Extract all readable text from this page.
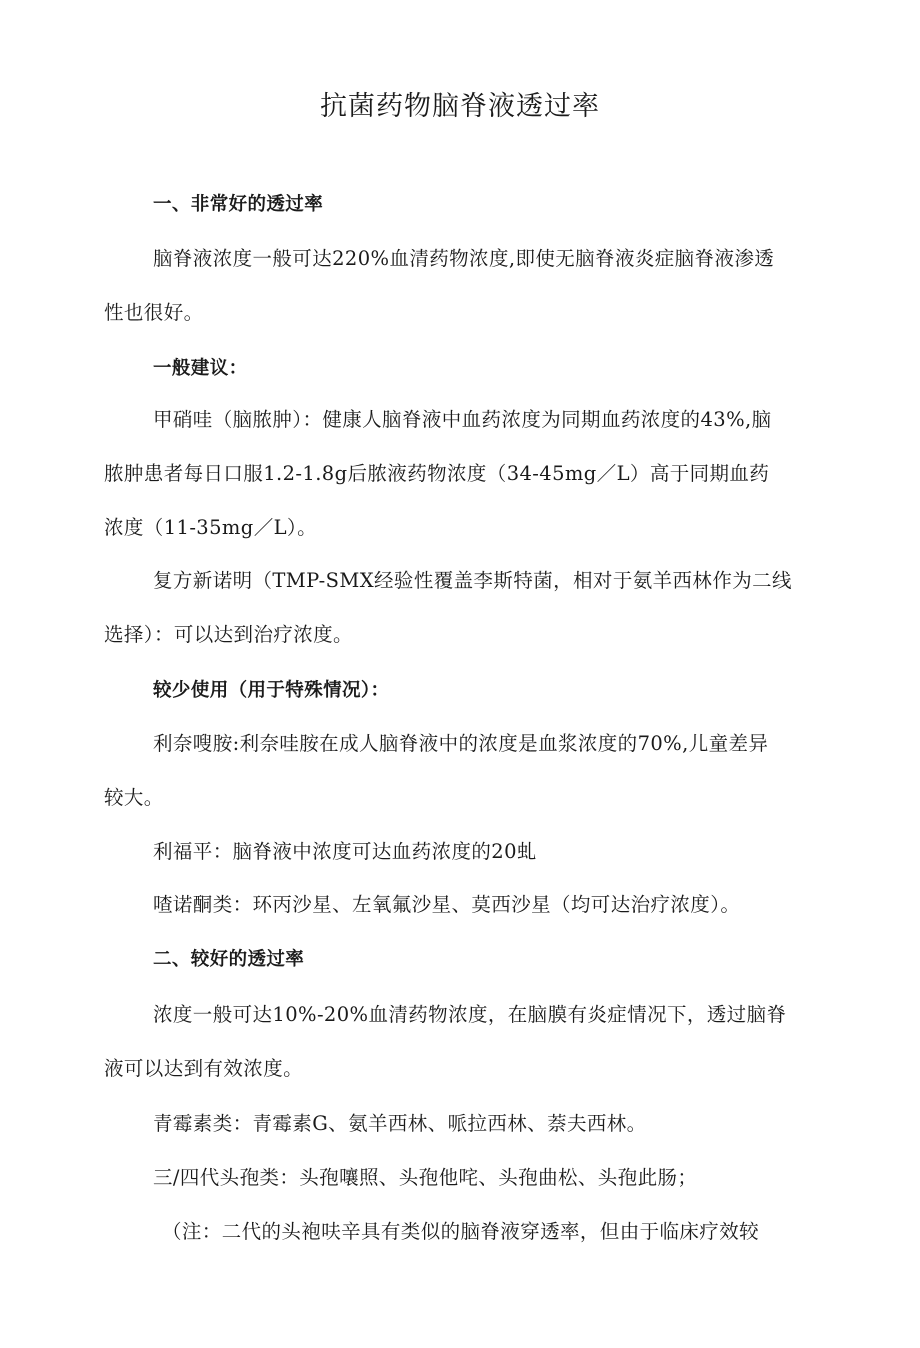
抗菌药物脑脊液透过率

一、非常好的透过率

脑脊液浓度一般可达220%血清药物浓度,即使无脑脊液炎症脑脊液渗透

性也很好。

一般建议：

甲硝哇（脑脓肿）：健康人脑脊液中血药浓度为同期血药浓度的43%,脑

脓肿患者每日口服1.2-1.8g后脓液药物浓度（34-45mg／L）高于同期血药

浓度（11-35mg／L）。

复方新诺明（TMP-SMX经验性覆盖李斯特菌，相对于氨羊西林作为二线

选择）：可以达到治疗浓度。

较少使用（用于特殊情况）：

利奈嗖胺:利奈哇胺在成人脑脊液中的浓度是血浆浓度的70%,儿童差异

较大。

利福平：脑脊液中浓度可达血药浓度的20虬

喳诺酮类：环丙沙星、左氧氟沙星、莫西沙星（均可达治疗浓度）。

二、较好的透过率

浓度一般可达10%-20%血清药物浓度，在脑膜有炎症情况下，透过脑脊

液可以达到有效浓度。

青霉素类：青霉素G、氨羊西林、哌拉西林、萘夫西林。

三/四代头孢类：头孢嚷照、头孢他咤、头孢曲松、头孢此肠；

（注：二代的头袍呋辛具有类似的脑脊液穿透率，但由于临床疗效较
